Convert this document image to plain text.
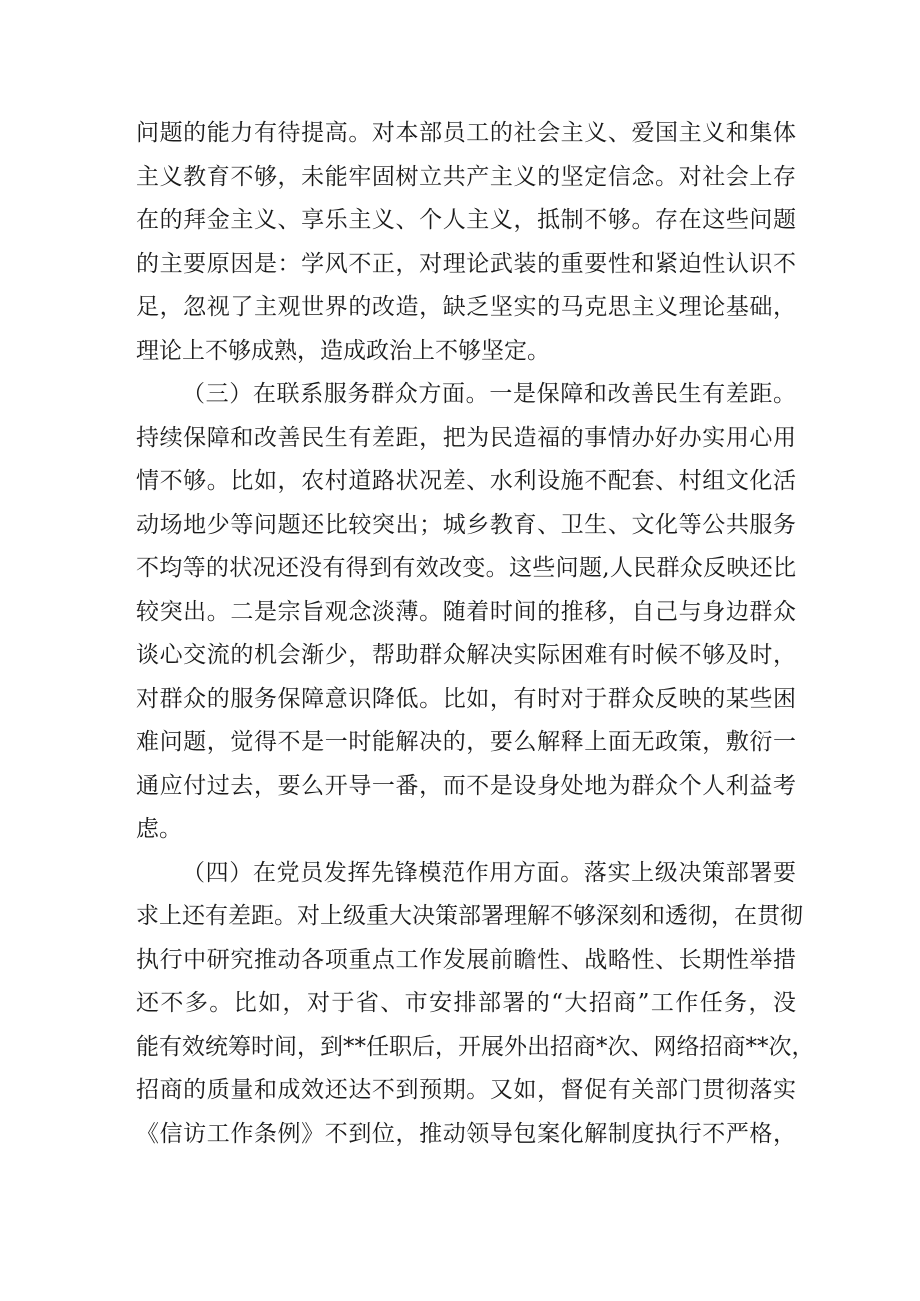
问题的能力有待提高。对本部员工的社会主义、爱国主义和集体
主义教育不够，未能牢固树立共产主义的坚定信念。对社会上存
在的拜金主义、享乐主义、个人主义，抵制不够。存在这些问题
的主要原因是：学风不正，对理论武装的重要性和紧迫性认识不
足，忽视了主观世界的改造，缺乏坚实的马克思主义理论基础，
理论上不够成熟，造成政治上不够坚定。
（三）在联系服务群众方面。一是保障和改善民生有差距。
持续保障和改善民生有差距，把为民造福的事情办好办实用心用
情不够。比如，农村道路状况差、水利设施不配套、村组文化活
动场地少等问题还比较突出；城乡教育、卫生、文化等公共服务
不均等的状况还没有得到有效改变。这些问题,人民群众反映还比
较突出。二是宗旨观念淡薄。随着时间的推移，自己与身边群众
谈心交流的机会渐少，帮助群众解决实际困难有时候不够及时，
对群众的服务保障意识降低。比如，有时对于群众反映的某些困
难问题，觉得不是一时能解决的，要么解释上面无政策，敷衍一
通应付过去，要么开导一番，而不是设身处地为群众个人利益考
虑。
（四）在党员发挥先锋模范作用方面。落实上级决策部署要
求上还有差距。对上级重大决策部署理解不够深刻和透彻，在贯彻
执行中研究推动各项重点工作发展前瞻性、战略性、长期性举措
还不多。比如，对于省、市安排部署的“大招商”工作任务，没
能有效统筹时间，到**任职后，开展外出招商*次、网络招商**次，
招商的质量和成效还达不到预期。又如，督促有关部门贯彻落实
《信访工作条例》不到位，推动领导包案化解制度执行不严格，
